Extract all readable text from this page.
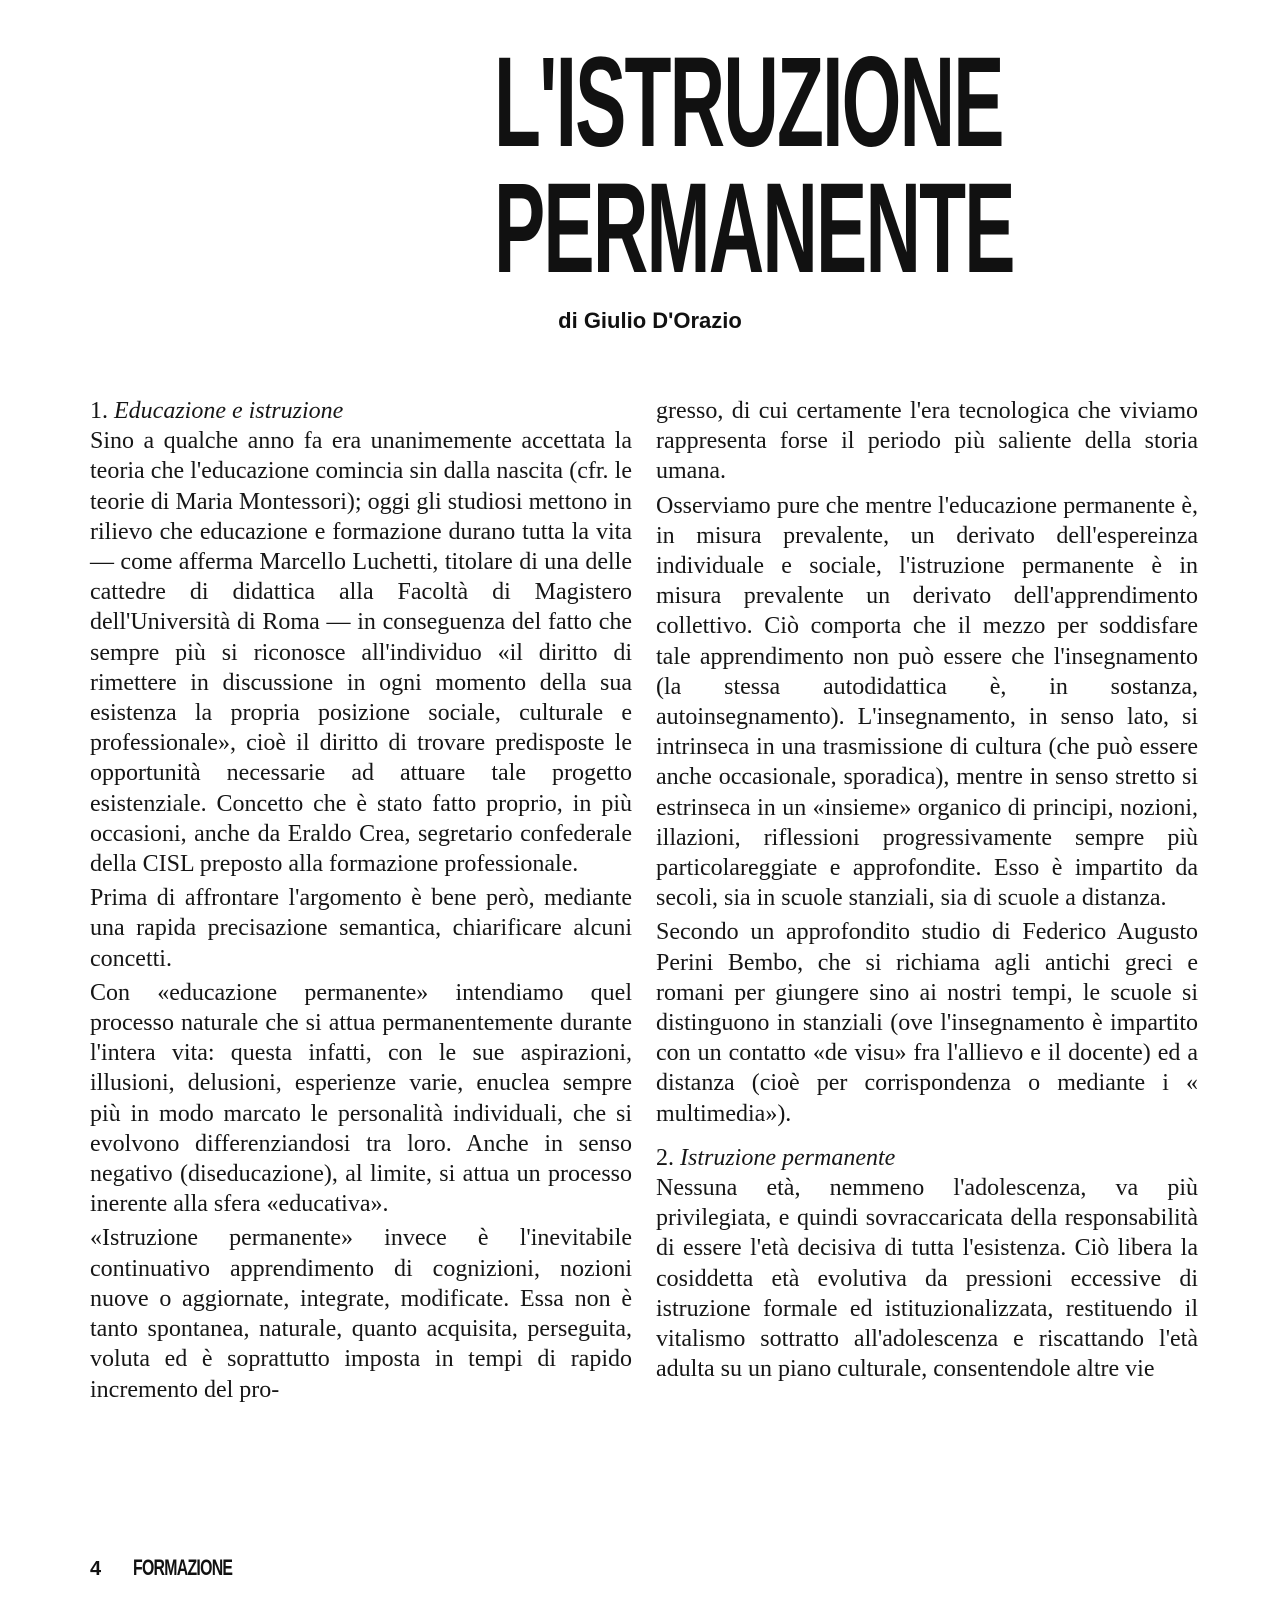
L'ISTRUZIONE
PERMANENTE
di Giulio D'Orazio
1. Educazione e istruzione

Sino a qualche anno fa era unanimemente accettata la teoria che l'educazione comincia sin dalla nascita (cfr. le teorie di Maria Montessori); oggi gli studiosi mettono in rilievo che educazione e formazione durano tutta la vita — come afferma Marcello Luchetti, titolare di una delle cattedre di didattica alla Facoltà di Magistero dell'Università di Roma — in conseguenza del fatto che sempre più si riconosce all'individuo «il diritto di rimettere in discussione in ogni momento della sua esistenza la propria posizione sociale, culturale e professionale», cioè il diritto di trovare predisposte le opportunità necessarie ad attuare tale progetto esistenziale. Concetto che è stato fatto proprio, in più occasioni, anche da Eraldo Crea, segretario confederale della CISL preposto alla formazione professionale.

Prima di affrontare l'argomento è bene però, mediante una rapida precisazione semantica, chiarificare alcuni concetti.

Con «educazione permanente» intendiamo quel processo naturale che si attua permanentemente durante l'intera vita: questa infatti, con le sue aspirazioni, illusioni, delusioni, esperienze varie, enuclea sempre più in modo marcato le personalità individuali, che si evolvono differenziandosi tra loro. Anche in senso negativo (diseducazione), al limite, si attua un processo inerente alla sfera «educativa».

«Istruzione permanente» invece è l'inevitabile continuativo apprendimento di cognizioni, nozioni nuove o aggiornate, integrate, modificate. Essa non è tanto spontanea, naturale, quanto acquisita, perseguita, voluta ed è soprattutto imposta in tempi di rapido incremento del pro-

gresso, di cui certamente l'era tecnologica che viviamo rappresenta forse il periodo più saliente della storia umana.

Osserviamo pure che mentre l'educazione permanente è, in misura prevalente, un derivato dell'espereinza individuale e sociale, l'istruzione permanente è in misura prevalente un derivato dell'apprendimento collettivo. Ciò comporta che il mezzo per soddisfare tale apprendimento non può essere che l'insegnamento (la stessa autodidattica è, in sostanza, autoinsegnamento). L'insegnamento, in senso lato, si intrinseca in una trasmissione di cultura (che può essere anche occasionale, sporadica), mentre in senso stretto si estrinseca in un «insieme» organico di principi, nozioni, illazioni, riflessioni progressivamente sempre più particolareggiate e approfondite. Esso è impartito da secoli, sia in scuole stanziali, sia di scuole a distanza.

Secondo un approfondito studio di Federico Augusto Perini Bembo, che si richiama agli antichi greci e romani per giungere sino ai nostri tempi, le scuole si distinguono in stanziali (ove l'insegnamento è impartito con un contatto «de visu» fra l'allievo e il docente) ed a distanza (cioè per corrispondenza o mediante i « multimedia»).

2. Istruzione permanente

Nessuna età, nemmeno l'adolescenza, va più privilegiata, e quindi sovraccaricata della responsabilità di essere l'età decisiva di tutta l'esistenza. Ciò libera la cosiddetta età evolutiva da pressioni eccessive di istruzione formale ed istituzionalizzata, restituendo il vitalismo sottratto all'adolescenza e riscattando l'età adulta su un piano culturale, consentendole altre vie

4 FORMAZIONE
